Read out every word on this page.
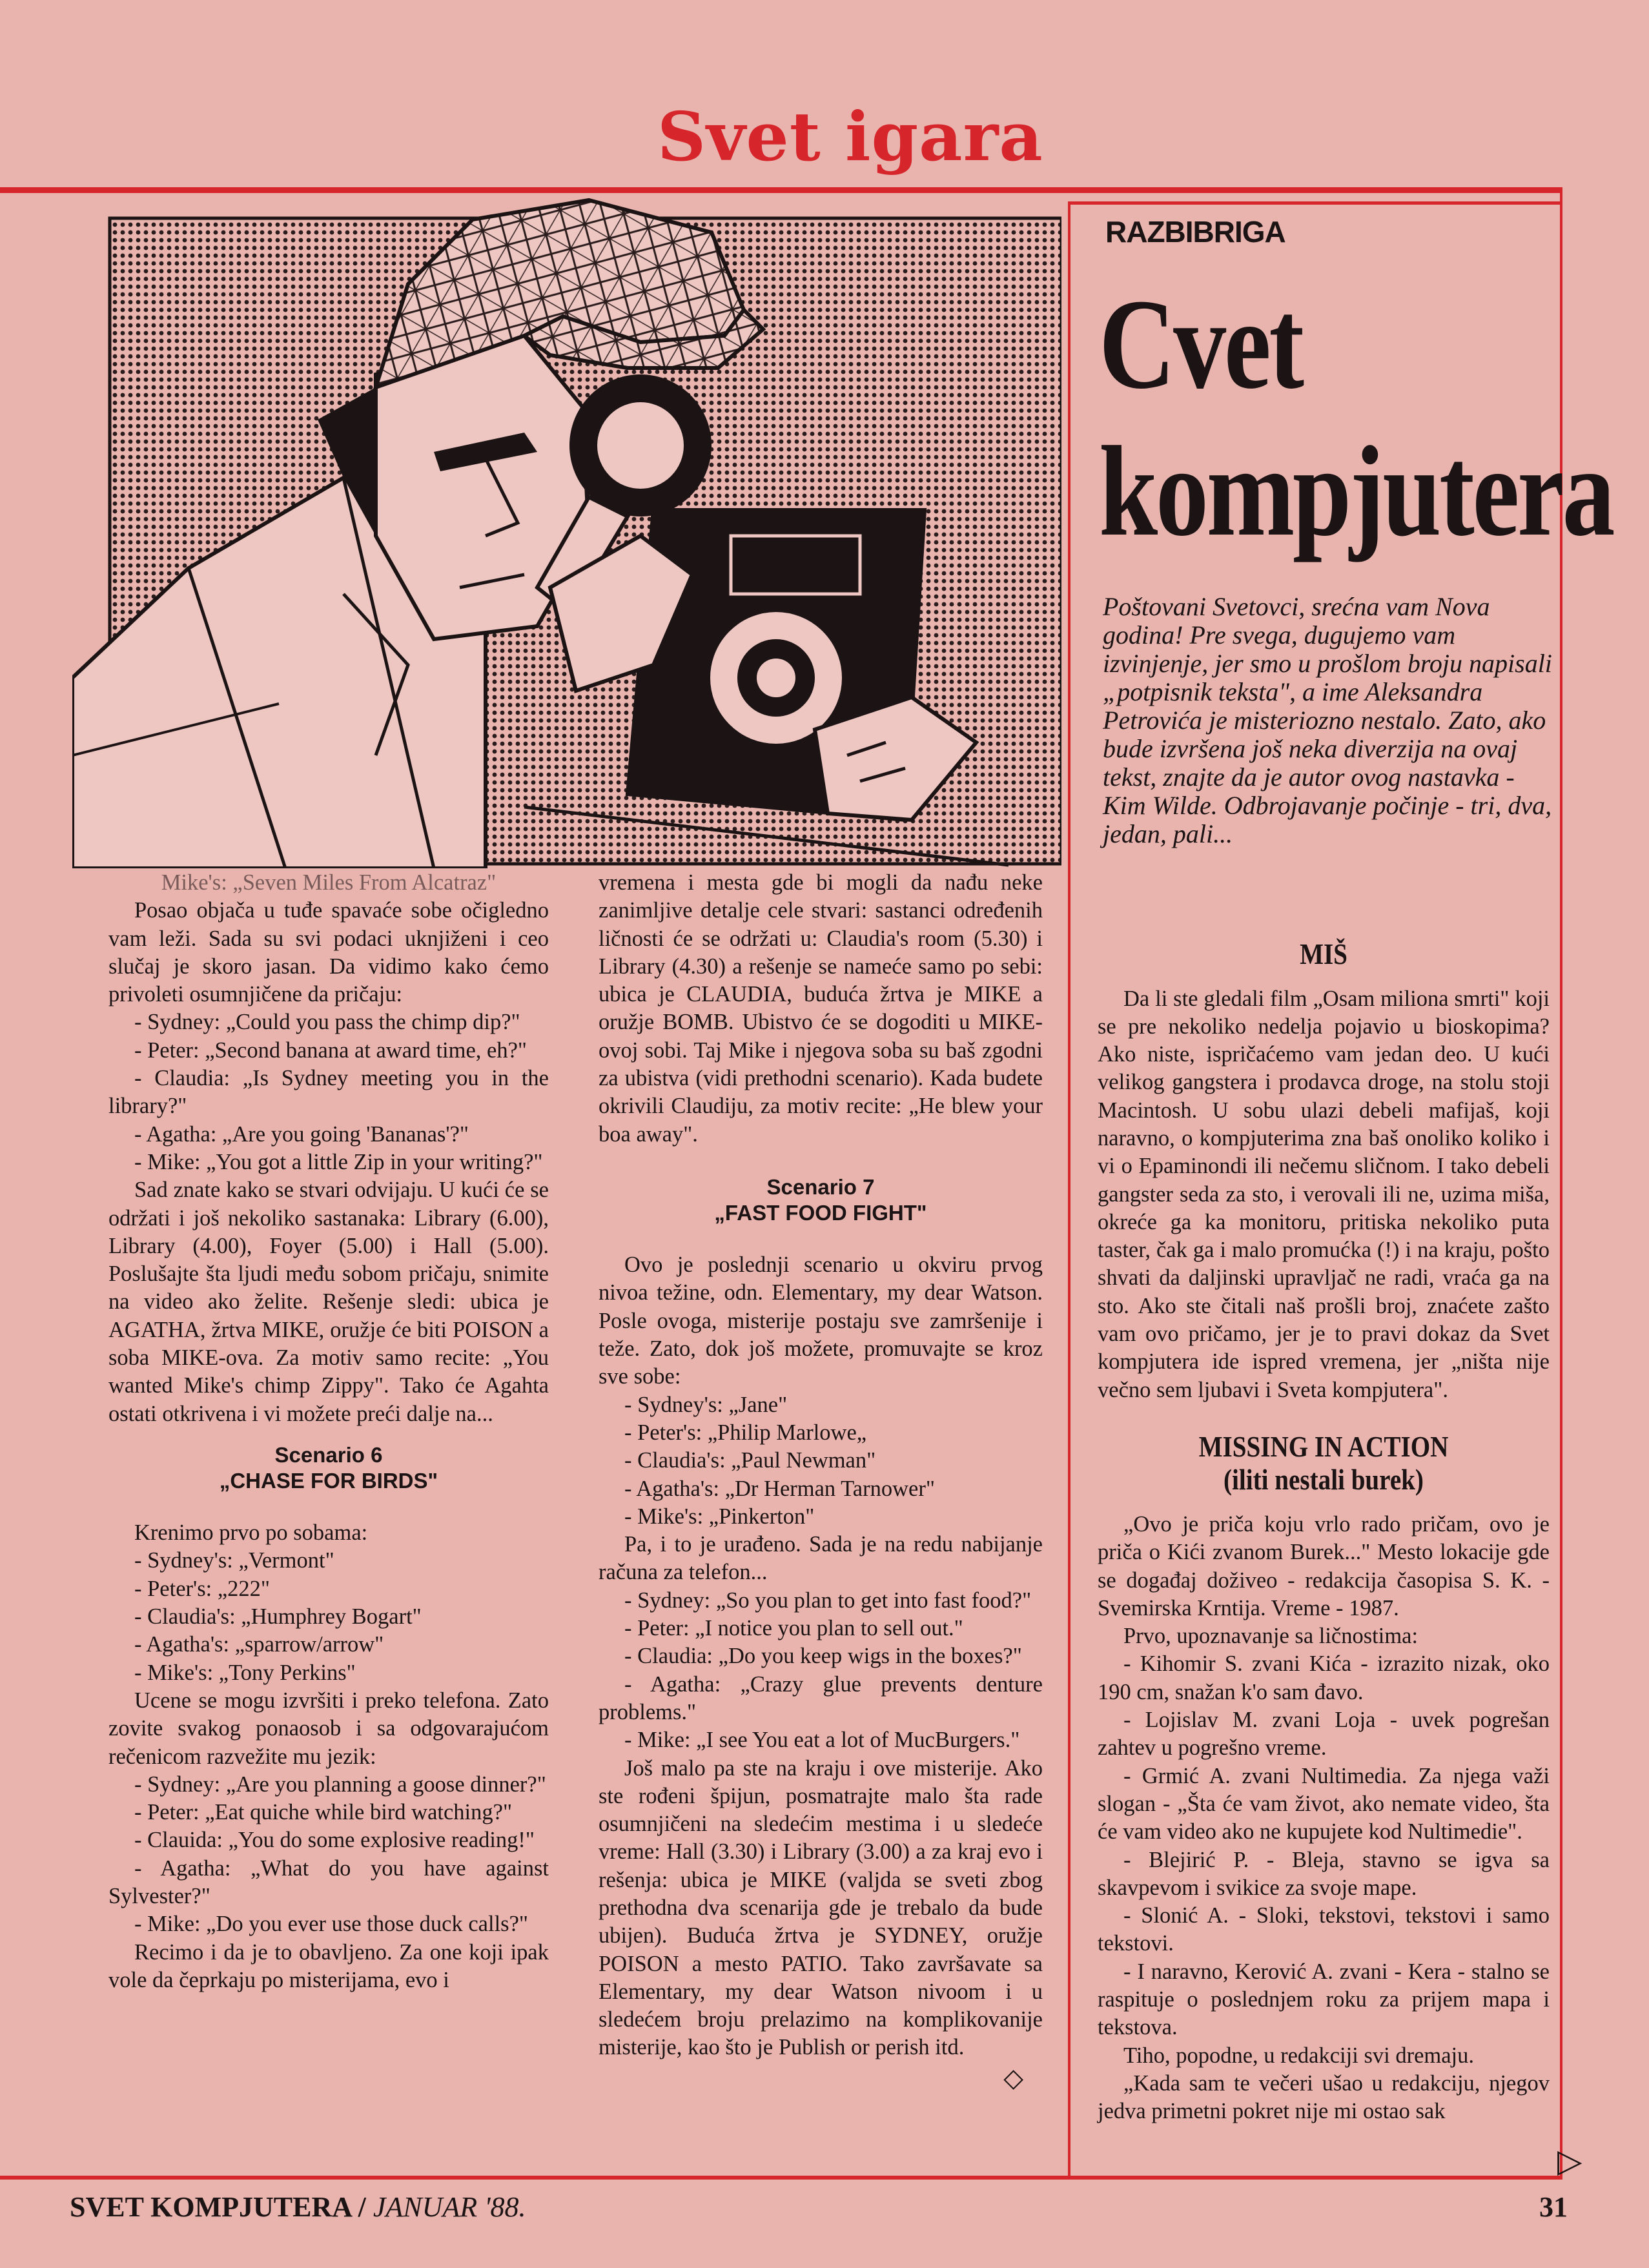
Svet igara

Mike's: „Seven Miles From Alcatraz"

Posao objača u tuđe spavaće sobe očigledno vam leži. Sada su svi podaci uknjiženi i ceo slučaj je skoro jasan. Da vidimo kako ćemo privoleti osumnjičene da pričaju:

- Sydney: „Could you pass the chimp dip?"

- Peter: „Second banana at award time, eh?"

- Claudia: „Is Sydney meeting you in the library?"

- Agatha: „Are you going 'Bananas'?"

- Mike: „You got a little Zip in your writing?"

Sad znate kako se stvari odvijaju. U kući će se održati i još nekoliko sastanaka: Library (6.00), Library (4.00), Foyer (5.00) i Hall (5.00). Poslušajte šta ljudi među sobom pričaju, snimite na video ako želite. Rešenje sledi: ubica je AGATHA, žrtva MIKE, oružje će biti POISON a soba MIKE-ova. Za motiv samo recite: „You wanted Mike's chimp Zippy". Tako će Agahta ostati otkrivena i vi možete preći dalje na...

Scenario 6

„CHASE FOR BIRDS"

Krenimo prvo po sobama:

- Sydney's: „Vermont"

- Peter's: „222"

- Claudia's: „Humphrey Bogart"

- Agatha's: „sparrow/arrow"

- Mike's: „Tony Perkins"

Ucene se mogu izvršiti i preko telefona. Zato zovite svakog ponaosob i sa odgovarajućom rečenicom razvežite mu jezik:

- Sydney: „Are you planning a goose dinner?"

- Peter: „Eat quiche while bird watching?"

- Clauida: „You do some explosive reading!"

- Agatha: „What do you have against Sylvester?"

- Mike: „Do you ever use those duck calls?"

Recimo i da je to obavljeno. Za one koji ipak vole da čeprkaju po misterijama, evo i

vremena i mesta gde bi mogli da nađu neke zanimljive detalje cele stvari: sastanci određenih ličnosti će se održati u: Claudia's room (5.30) i Library (4.30) a rešenje se nameće samo po sebi: ubica je CLAUDIA, buduća žrtva je MIKE a oružje BOMB. Ubistvo će se dogoditi u MIKE-ovoj sobi. Taj Mike i njegova soba su baš zgodni za ubistva (vidi prethodni scenario). Kada budete okrivili Claudiju, za motiv recite: „He blew your boa away".

Scenario 7

„FAST FOOD FIGHT"

Ovo je poslednji scenario u okviru prvog nivoa težine, odn. Elementary, my dear Watson. Posle ovoga, misterije postaju sve zamršenije i teže. Zato, dok još možete, promuvajte se kroz sve sobe:

- Sydney's: „Jane"

- Peter's: „Philip Marlowe„

- Claudia's: „Paul Newman"

- Agatha's: „Dr Herman Tarnower"

- Mike's: „Pinkerton"

Pa, i to je urađeno. Sada je na redu nabijanje računa za telefon...

- Sydney: „So you plan to get into fast food?"

- Peter: „I notice you plan to sell out."

- Claudia: „Do you keep wigs in the boxes?"

- Agatha: „Crazy glue prevents denture problems."

- Mike: „I see You eat a lot of MucBurgers."

Još malo pa ste na kraju i ove misterije. Ako ste rođeni špijun, posmatrajte malo šta rade osumnjičeni na sledećim mestima i u sledeće vreme: Hall (3.30) i Library (3.00) a za kraj evo i rešenja: ubica je MIKE (valjda se sveti zbog prethodna dva scenarija gde je trebalo da bude ubijen). Buduća žrtva je SYDNEY, oružje POISON a mesto PATIO. Tako završavate sa Elementary, my dear Watson nivoom i u sledećem broju prelazimo na komplikovanije misterije, kao što je Publish or perish itd.

◇

RAZBIBRIGA
Cvet
kompjutera
Poštovani Svetovci, srećna vam Nova godina! Pre svega, dugujemo vam izvinjenje, jer smo u prošlom broju napisali „potpisnik teksta", a ime Aleksandra Petrovića je misteriozno nestalo. Zato, ako bude izvršena još neka diverzija na ovaj tekst, znajte da je autor ovog nastavka - Kim Wilde. Odbrojavanje počinje - tri, dva, jedan, pali...

MIŠ

Da li ste gledali film „Osam miliona smrti" koji se pre nekoliko nedelja pojavio u bioskopima? Ako niste, ispričaćemo vam jedan deo. U kući velikog gangstera i prodavca droge, na stolu stoji Macintosh. U sobu ulazi debeli mafijaš, koji naravno, o kompjuterima zna baš onoliko koliko i vi o Epaminondi ili nečemu sličnom. I tako debeli gangster seda za sto, i verovali ili ne, uzima miša, okreće ga ka monitoru, pritiska nekoliko puta taster, čak ga i malo promućka (!) i na kraju, pošto shvati da daljinski upravljač ne radi, vraća ga na sto. Ako ste čitali naš prošli broj, znaćete zašto vam ovo pričamo, jer je to pravi dokaz da Svet kompjutera ide ispred vremena, jer „ništa nije večno sem ljubavi i Sveta kompjutera".

MISSING IN ACTION

(iliti nestali burek)

„Ovo je priča koju vrlo rado pričam, ovo je priča o Kići zvanom Burek..." Mesto lokacije gde se događaj doživeo - redakcija časopisa S. K. - Svemirska Krntija. Vreme - 1987.

Prvo, upoznavanje sa ličnostima:

- Kihomir S. zvani Kića - izrazito nizak, oko 190 cm, snažan k'o sam đavo.

- Lojislav M. zvani Loja - uvek pogrešan zahtev u pogrešno vreme.

- Grmić A. zvani Nultimedia. Za njega važi slogan - „Šta će vam život, ako nemate video, šta će vam video ako ne kupujete kod Nultimedie".

- Blejirić P. - Bleja, stavno se igva sa skavpevom i svikice za svoje mape.

- Slonić A. - Sloki, tekstovi, tekstovi i samo tekstovi.

- I naravno, Kerović A. zvani - Kera - stalno se raspituje o poslednjem roku za prijem mapa i tekstova.

Tiho, popodne, u redakciji svi dremaju.

„Kada sam te večeri ušao u redakciju, njegov jedva primetni pokret nije mi ostao sak

▷
SVET KOMPJUTERA / JANUAR '88.	31
